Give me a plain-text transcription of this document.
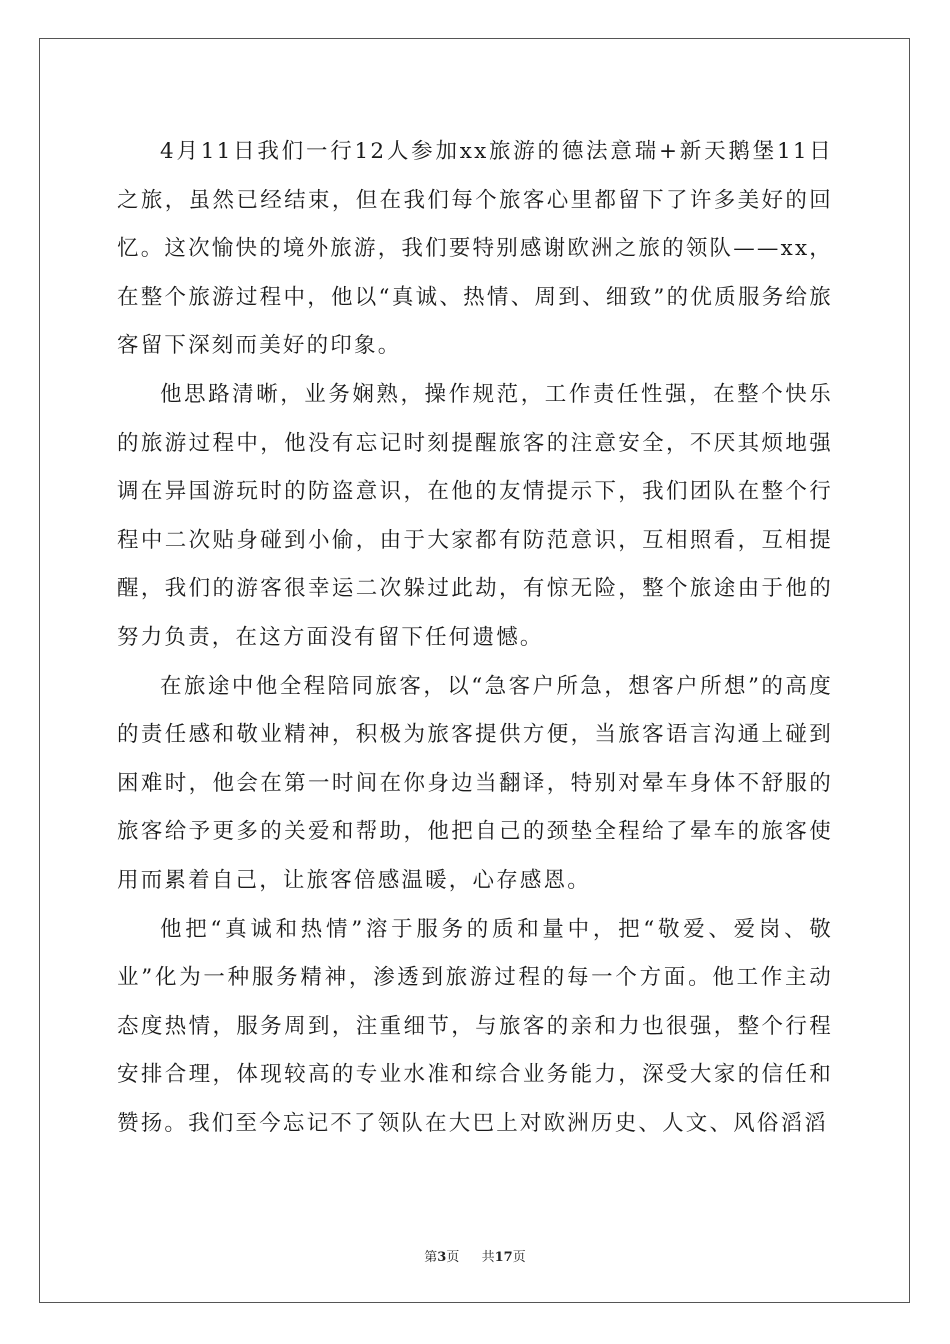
4月11日我们一行12人参加xx旅游的德法意瑞+新天鹅堡11日之旅，虽然已经结束，但在我们每个旅客心里都留下了许多美好的回忆。这次愉快的境外旅游，我们要特别感谢欧洲之旅的领队——xx，在整个旅游过程中，他以“真诚、热情、周到、细致”的优质服务给旅客留下深刻而美好的印象。

他思路清晰，业务娴熟，操作规范，工作责任性强，在整个快乐的旅游过程中，他没有忘记时刻提醒旅客的注意安全，不厌其烦地强调在异国游玩时的防盗意识，在他的友情提示下，我们团队在整个行程中二次贴身碰到小偷，由于大家都有防范意识，互相照看，互相提醒，我们的游客很幸运二次躲过此劫，有惊无险，整个旅途由于他的努力负责，在这方面没有留下任何遗憾。

在旅途中他全程陪同旅客，以“急客户所急，想客户所想”的高度的责任感和敬业精神，积极为旅客提供方便，当旅客语言沟通上碰到困难时，他会在第一时间在你身边当翻译，特别对晕车身体不舒服的旅客给予更多的关爱和帮助，他把自己的颈垫全程给了晕车的旅客使用而累着自己，让旅客倍感温暖，心存感恩。

他把“真诚和热情”溶于服务的质和量中，把“敬爱、爱岗、敬业”化为一种服务精神，渗透到旅游过程的每一个方面。他工作主动态度热情，服务周到，注重细节，与旅客的亲和力也很强，整个行程安排合理，体现较高的专业水准和综合业务能力，深受大家的信任和赞扬。我们至今忘记不了领队在大巴上对欧洲历史、人文、风俗滔滔

第3页 共17页
